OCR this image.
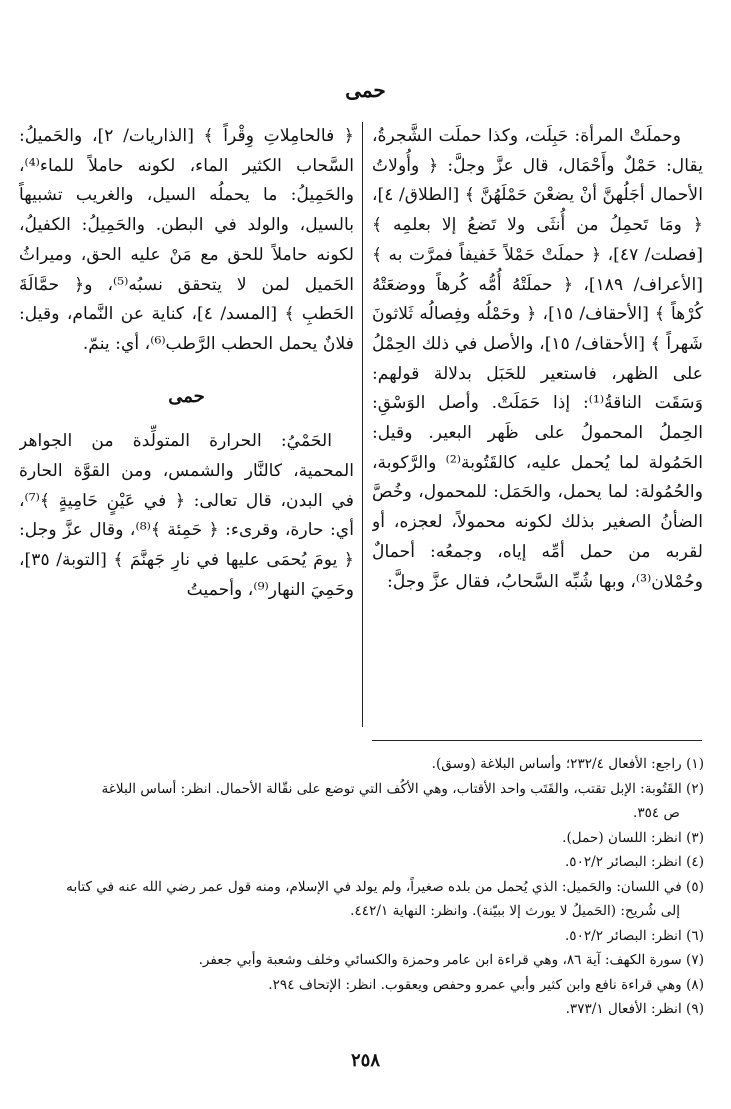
حمى

وحملَتْ المرأة: حَبِلَت، وكذا حملَت الشَّجرةُ، يقال: حَمْلٌ وأَحْمَال، قال عزَّ وجلَّ: ﴿ وأُولاتُ الأحمال أجَلُهنَّ أنْ يضعْنَ حَمْلَهُنَّ ﴾ [الطلاق/ ٤]، ﴿ ومَا تَحمِلُ من أُنثَى ولا تَضعُ إلا بعلمِه ﴾ [فصلت/ ٤٧]، ﴿ حملَتْ حَمْلاً خَفيفاً فمرَّت به ﴾ [الأعراف/ ١٨٩]، ﴿ حملَتْهُ أُمُّه كُرهاً ووضعَتْهُ كُرْهاً ﴾ [الأحقاف/ ١٥]، ﴿ وحَمْلُه وفِصالُه ثَلاثونَ شَهراً ﴾ [الأحقاف/ ١٥]، والأصل في ذلك الحِمْلُ على الظهر، فاستعير للحَبَل بدلالة قولهم: وَسَقَت الناقةُ⁽¹⁾: إذا حَمَلَتْ. وأصل الوَسْقِ: الحِملُ المحمولُ على ظَهر البعير. وقيل: الحَمُولة لما يُحمل عليه، كالقَتُوبة⁽²⁾ والرَّكوبة، والحُمُولة: لما يحمل، والحَمَل: للمحمول، وخُصَّ الضأنُ الصغير بذلك لكونه محمولاً، لعجزه، أو لقربه من حمل أمِّه إياه، وجمعُه: أحمالٌ وحُمْلان⁽³⁾، وبها شُبِّه السَّحابُ، فقال عزَّ وجلَّ:

﴿ فالحامِلاتِ وِقْراً ﴾ [الذاريات/ ٢]، والحَميلُ: السَّحاب الكثير الماء، لكونه حاملاً للماء⁽⁴⁾، والحَمِيلُ: ما يحملُه السيل، والغريب تشبيهاً بالسيل، والولد في البطن. والحَمِيلُ: الكفيلُ، لكونه حاملاً للحق مع مَنْ عليه الحق، وميراثُ الحَميل لمن لا يتحقق نسبُه⁽⁵⁾، و﴿ حمَّالَةَ الحَطبِ ﴾ [المسد/ ٤]، كناية عن النَّمام، وقيل: فلانٌ يحمل الحطب الرَّطب⁽⁶⁾، أي: ينمّ.

حمى

الحَمْيُ: الحرارة المتولِّدة من الجواهر المحمية، كالنَّار والشمس، ومن القوَّة الحارة في البدن، قال تعالى: ﴿ في عَيْنٍ حَامِيةٍ ﴾⁽⁷⁾، أي: حارة، وقرىء: ﴿ حَمِئة ﴾⁽⁸⁾، وقال عزَّ وجل: ﴿ يومَ يُحمَى عليها في نارِ جَهنَّمَ ﴾ [التوبة/ ٣٥]، وحَمِيَ النهار⁽⁹⁾، وأحميتُ

(١) راجع: الأفعال ٢٣٢/٤؛ وأساس البلاغة (وسق).

(٢) القَتُوبة: الإبل تقتب، والقَتَب واحد الأقتاب، وهي الأكُف التي توضع على نقّالة الأحمال. انظر: أساس البلاغة

ص ٣٥٤.

(٣) انظر: اللسان (حمل).

(٤) انظر: البصائر ٥٠٢/٢.

(٥) في اللسان: والحَميل: الذي يُحمل من بلده صغيراً، ولم يولد في الإسلام، ومنه قول عمر رضي الله عنه في كتابه

إلى شُريح: (الحَميلُ لا يورث إلا ببيّنة). وانظر: النهاية ٤٤٢/١.

(٦) انظر: البصائر ٥٠٢/٢.

(٧) سورة الكهف: آية ٨٦، وهي قراءة ابن عامر وحمزة والكسائي وخلف وشعبة وأبي جعفر.

(٨) وهي قراءة نافع وابن كثير وأبي عمرو وحفص ويعقوب. انظر: الإتحاف ٢٩٤.

(٩) انظر: الأفعال ٣٧٣/١.

٢٥٨
